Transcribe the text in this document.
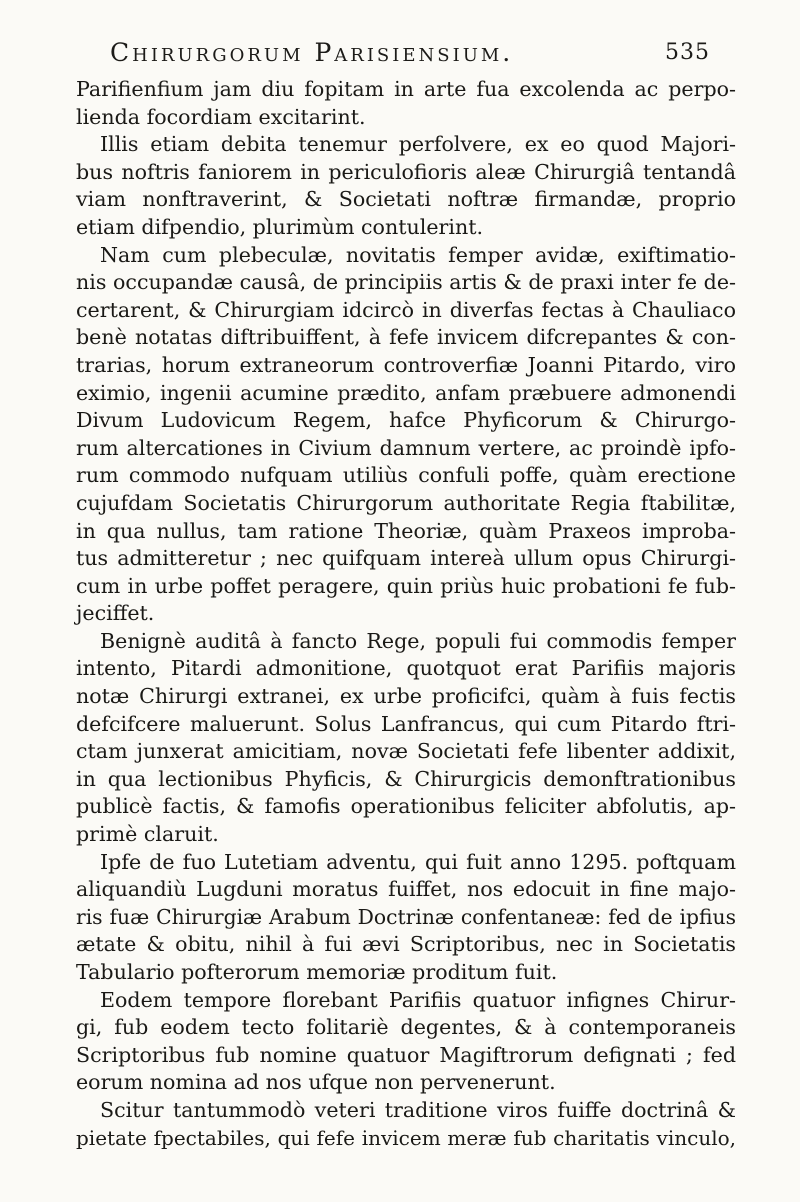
Chirurgorum Parisiensium.	535
Parifienfium jam diu fopitam in arte fua excolenda ac perpo-
lienda focordiam excitarint.
Illis etiam debita tenemur perfolvere, ex eo quod Majori-
bus noftris faniorem in periculofioris aleæ Chirurgiâ tentandâ
viam nonftraverint, & Societati noftræ firmandæ, proprio
etiam difpendio, plurimùm contulerint.
Nam cum plebeculæ, novitatis femper avidæ, exiftimatio-
nis occupandæ causâ, de principiis artis & de praxi inter fe de-
certarent, & Chirurgiam idcircò in diverfas fectas à Chauliaco
benè notatas diftribuiffent, à fefe invicem difcrepantes & con-
trarias, horum extraneorum controverfiæ Joanni Pitardo, viro
eximio, ingenii acumine prædito, anfam præbuere admonendi
Divum Ludovicum Regem, hafce Phyficorum & Chirurgo-
rum altercationes in Civium damnum vertere, ac proindè ipfo-
rum commodo nufquam utiliùs confuli poffe, quàm erectione
cujufdam Societatis Chirurgorum authoritate Regia ftabilitæ,
in qua nullus, tam ratione Theoriæ, quàm Praxeos improba-
tus admitteretur ; nec quifquam intereà ullum opus Chirurgi-
cum in urbe poffet peragere, quin priùs huic probationi fe fub-
jeciffet.
Benignè auditâ à fancto Rege, populi fui commodis femper
intento, Pitardi admonitione, quotquot erat Parifiis majoris
notæ Chirurgi extranei, ex urbe proficifci, quàm à fuis fectis
defcifcere maluerunt. Solus Lanfrancus, qui cum Pitardo ftri-
ctam junxerat amicitiam, novæ Societati fefe libenter addixit,
in qua lectionibus Phyficis, & Chirurgicis demonftrationibus
publicè factis, & famofis operationibus feliciter abfolutis, ap-
primè claruit.
Ipfe de fuo Lutetiam adventu, qui fuit anno 1295. poftquam
aliquandiù Lugduni moratus fuiffet, nos edocuit in fine majo-
ris fuæ Chirurgiæ Arabum Doctrinæ confentaneæ: fed de ipfius
ætate & obitu, nihil à fui ævi Scriptoribus, nec in Societatis
Tabulario pofterorum memoriæ proditum fuit.
Eodem tempore florebant Parifiis quatuor infignes Chirur-
gi, fub eodem tecto folitariè degentes, & à contemporaneis
Scriptoribus fub nomine quatuor Magiftrorum defignati ; fed
eorum nomina ad nos ufque non pervenerunt.
Scitur tantummodò veteri traditione viros fuiffe doctrinâ &
pietate fpectabiles, qui fefe invicem meræ fub charitatis vinculo,
